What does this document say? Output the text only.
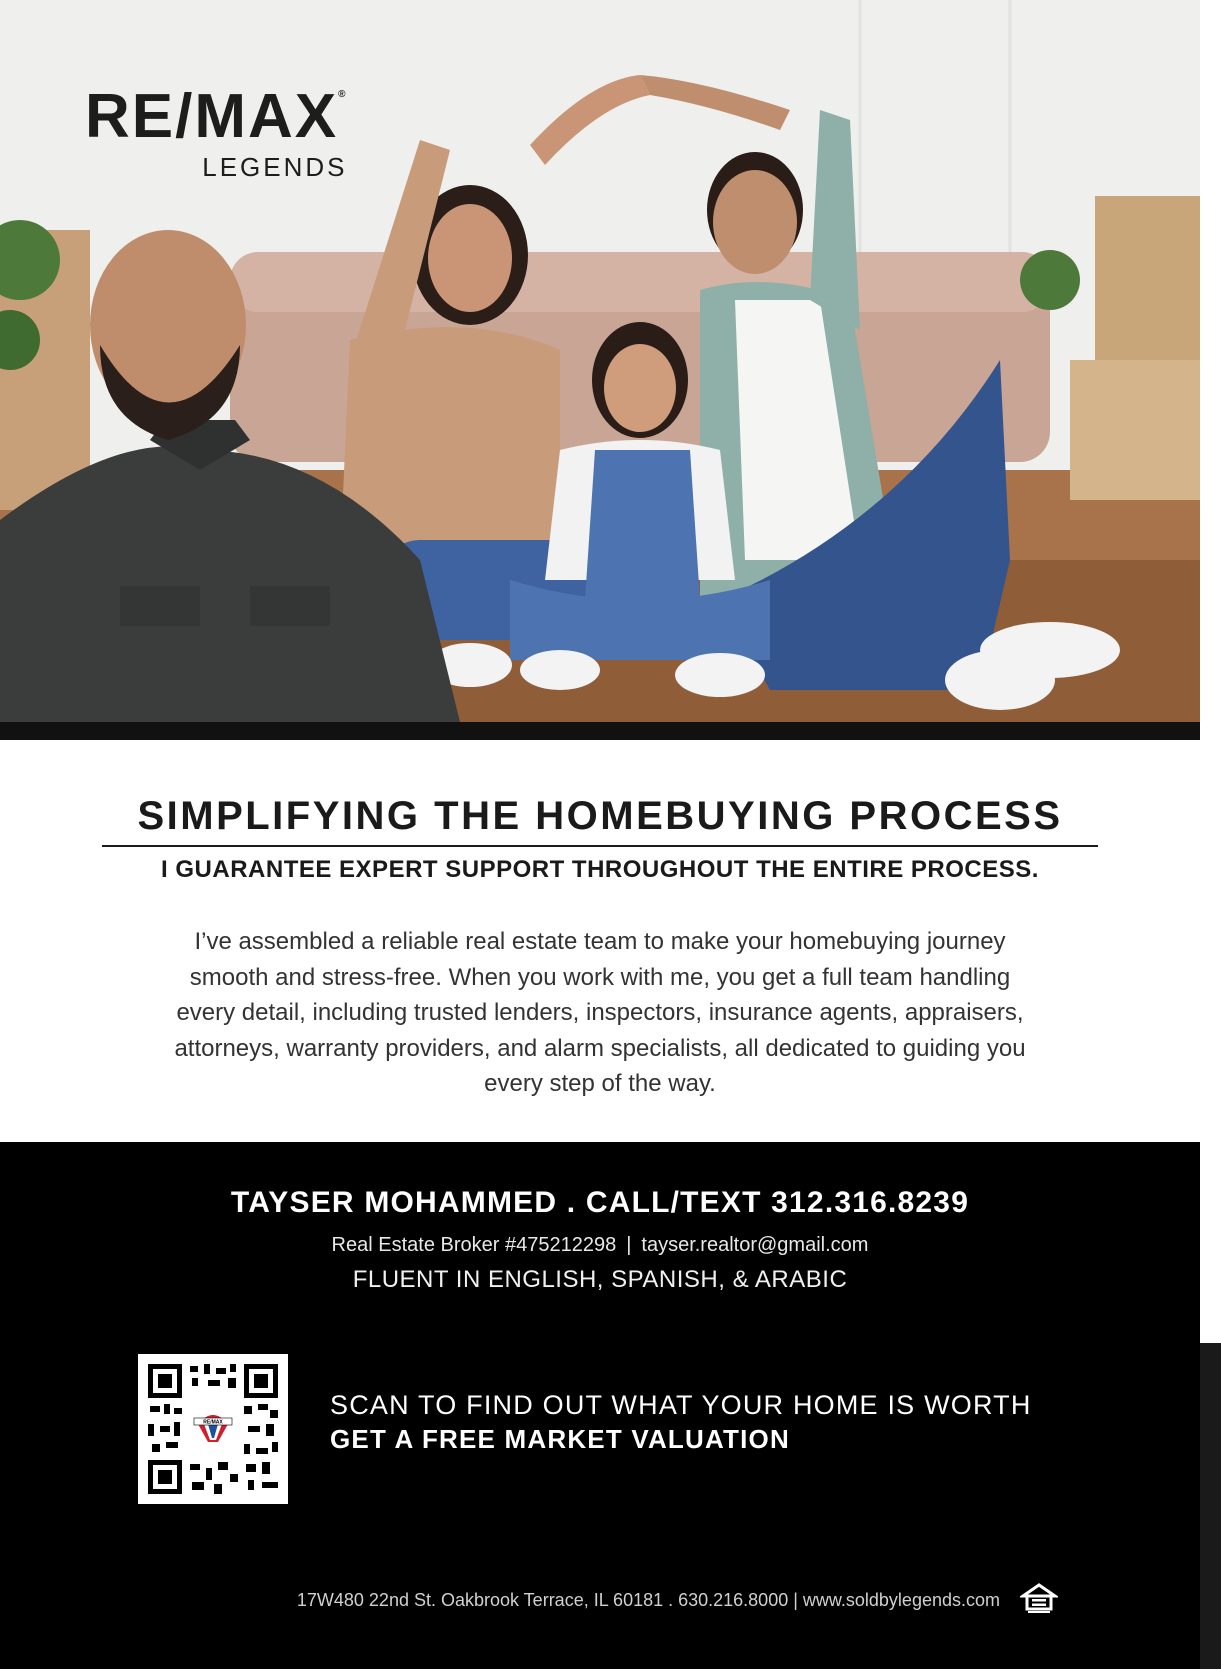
RE/MAX®
LEGENDS
SIMPLIFYING THE HOMEBUYING PROCESS
I GUARANTEE EXPERT SUPPORT THROUGHOUT THE ENTIRE PROCESS.
I’ve assembled a reliable real estate team to make your homebuying journey smooth and stress-free. When you work with me, you get a full team handling every detail, including trusted lenders, inspectors, insurance agents, appraisers, attorneys, warranty providers, and alarm specialists, all dedicated to guiding you every step of the way.
TAYSER MOHAMMED . CALL/TEXT 312.316.8239
Real Estate Broker #475212298 | tayser.realtor@gmail.com
FLUENT IN ENGLISH, SPANISH, & ARABIC
RE/MAX
SCAN TO FIND OUT WHAT YOUR HOME IS WORTH
GET A FREE MARKET VALUATION
17W480 22nd St. Oakbrook Terrace, IL 60181 . 630.216.8000 | www.soldbylegends.com
